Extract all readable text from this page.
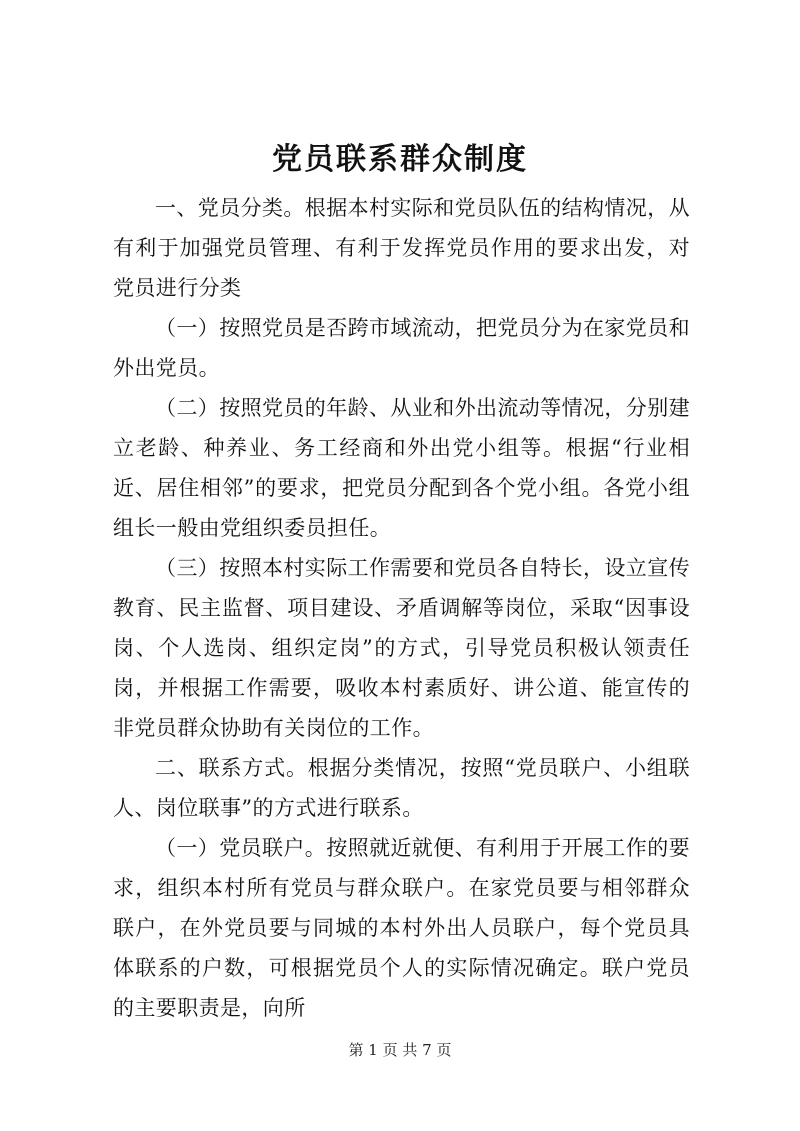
党员联系群众制度

一、党员分类。根据本村实际和党员队伍的结构情况，从有利于加强党员管理、有利于发挥党员作用的要求出发，对党员进行分类

（一）按照党员是否跨市域流动，把党员分为在家党员和外出党员。

（二）按照党员的年龄、从业和外出流动等情况，分别建立老龄、种养业、务工经商和外出党小组等。根据“行业相近、居住相邻”的要求，把党员分配到各个党小组。各党小组组长一般由党组织委员担任。

（三）按照本村实际工作需要和党员各自特长，设立宣传教育、民主监督、项目建设、矛盾调解等岗位，采取“因事设岗、个人选岗、组织定岗”的方式，引导党员积极认领责任岗，并根据工作需要，吸收本村素质好、讲公道、能宣传的非党员群众协助有关岗位的工作。

二、联系方式。根据分类情况，按照“党员联户、小组联人、岗位联事”的方式进行联系。

（一）党员联户。按照就近就便、有利用于开展工作的要求，组织本村所有党员与群众联户。在家党员要与相邻群众联户，在外党员要与同城的本村外出人员联户，每个党员具体联系的户数，可根据党员个人的实际情况确定。联户党员的主要职责是，向所

第 1 页 共 7 页
